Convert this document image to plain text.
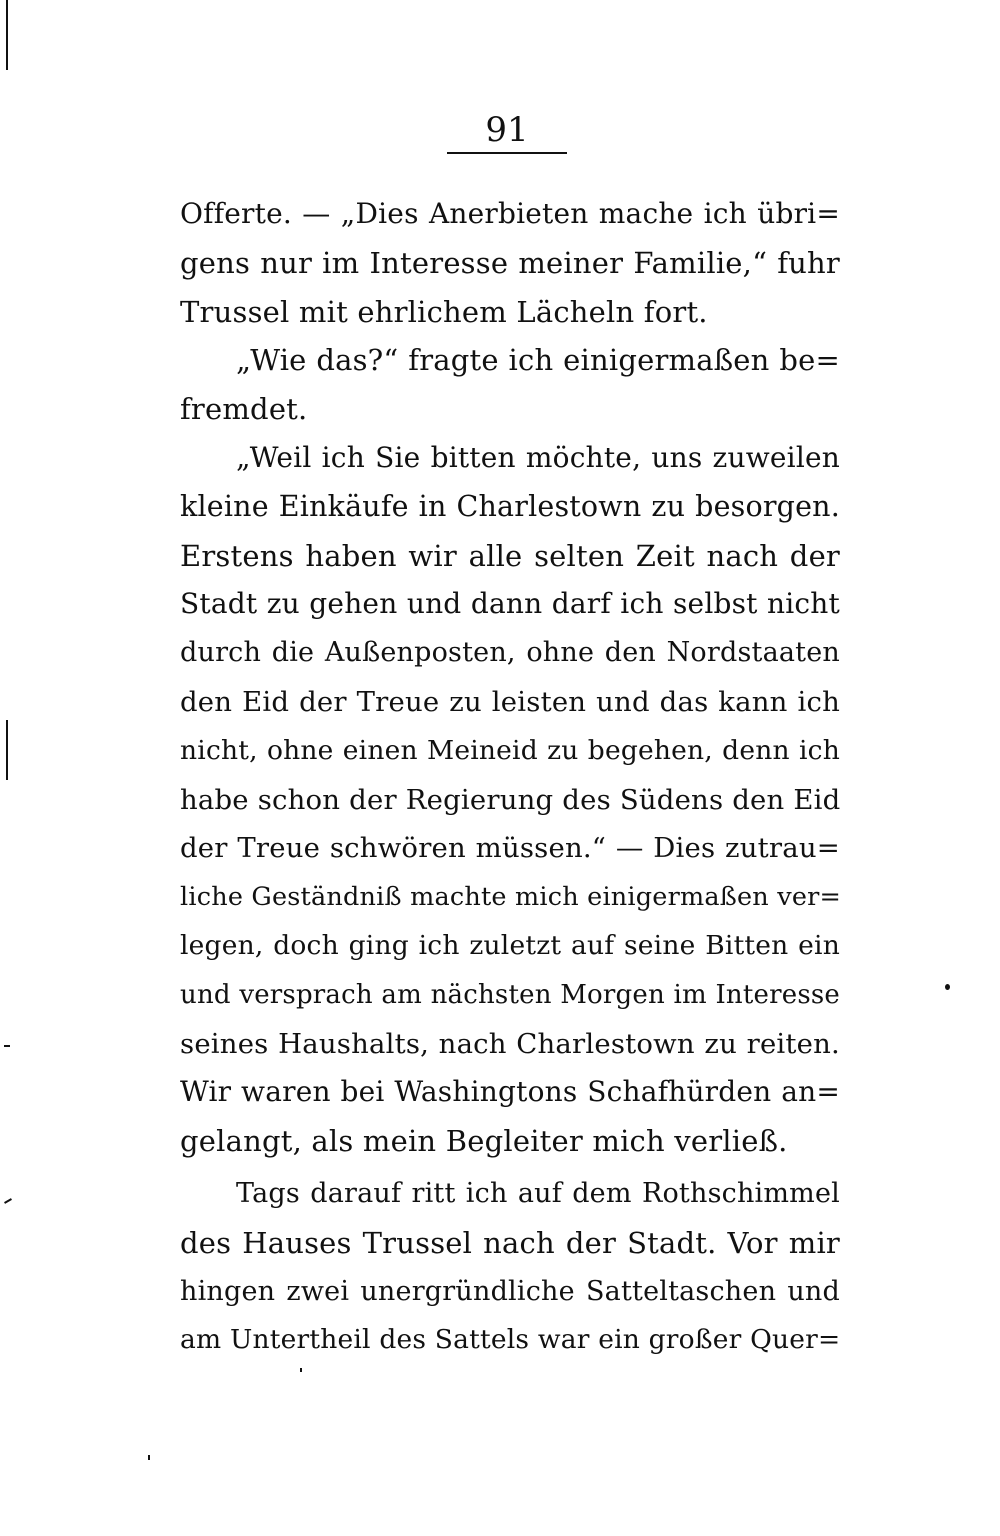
91
Offerte. — „Dies Anerbieten mache ich übri=
gens nur im Interesse meiner Familie,“ fuhr
Trussel mit ehrlichem Lächeln fort.
„Wie das?“ fragte ich einigermaßen be=
fremdet.
„Weil ich Sie bitten möchte, uns zuweilen
kleine Einkäufe in Charlestown zu besorgen.
Erstens haben wir alle selten Zeit nach der
Stadt zu gehen und dann darf ich selbst nicht
durch die Außenposten, ohne den Nordstaaten
den Eid der Treue zu leisten und das kann ich
nicht, ohne einen Meineid zu begehen, denn ich
habe schon der Regierung des Südens den Eid
der Treue schwören müssen.“ — Dies zutrau=
liche Geständniß machte mich einigermaßen ver=
legen, doch ging ich zuletzt auf seine Bitten ein
und versprach am nächsten Morgen im Interesse
seines Haushalts, nach Charlestown zu reiten.
Wir waren bei Washingtons Schafhürden an=
gelangt, als mein Begleiter mich verließ.
Tags darauf ritt ich auf dem Rothschimmel
des Hauses Trussel nach der Stadt. Vor mir
hingen zwei unergründliche Satteltaschen und
am Untertheil des Sattels war ein großer Quer=
